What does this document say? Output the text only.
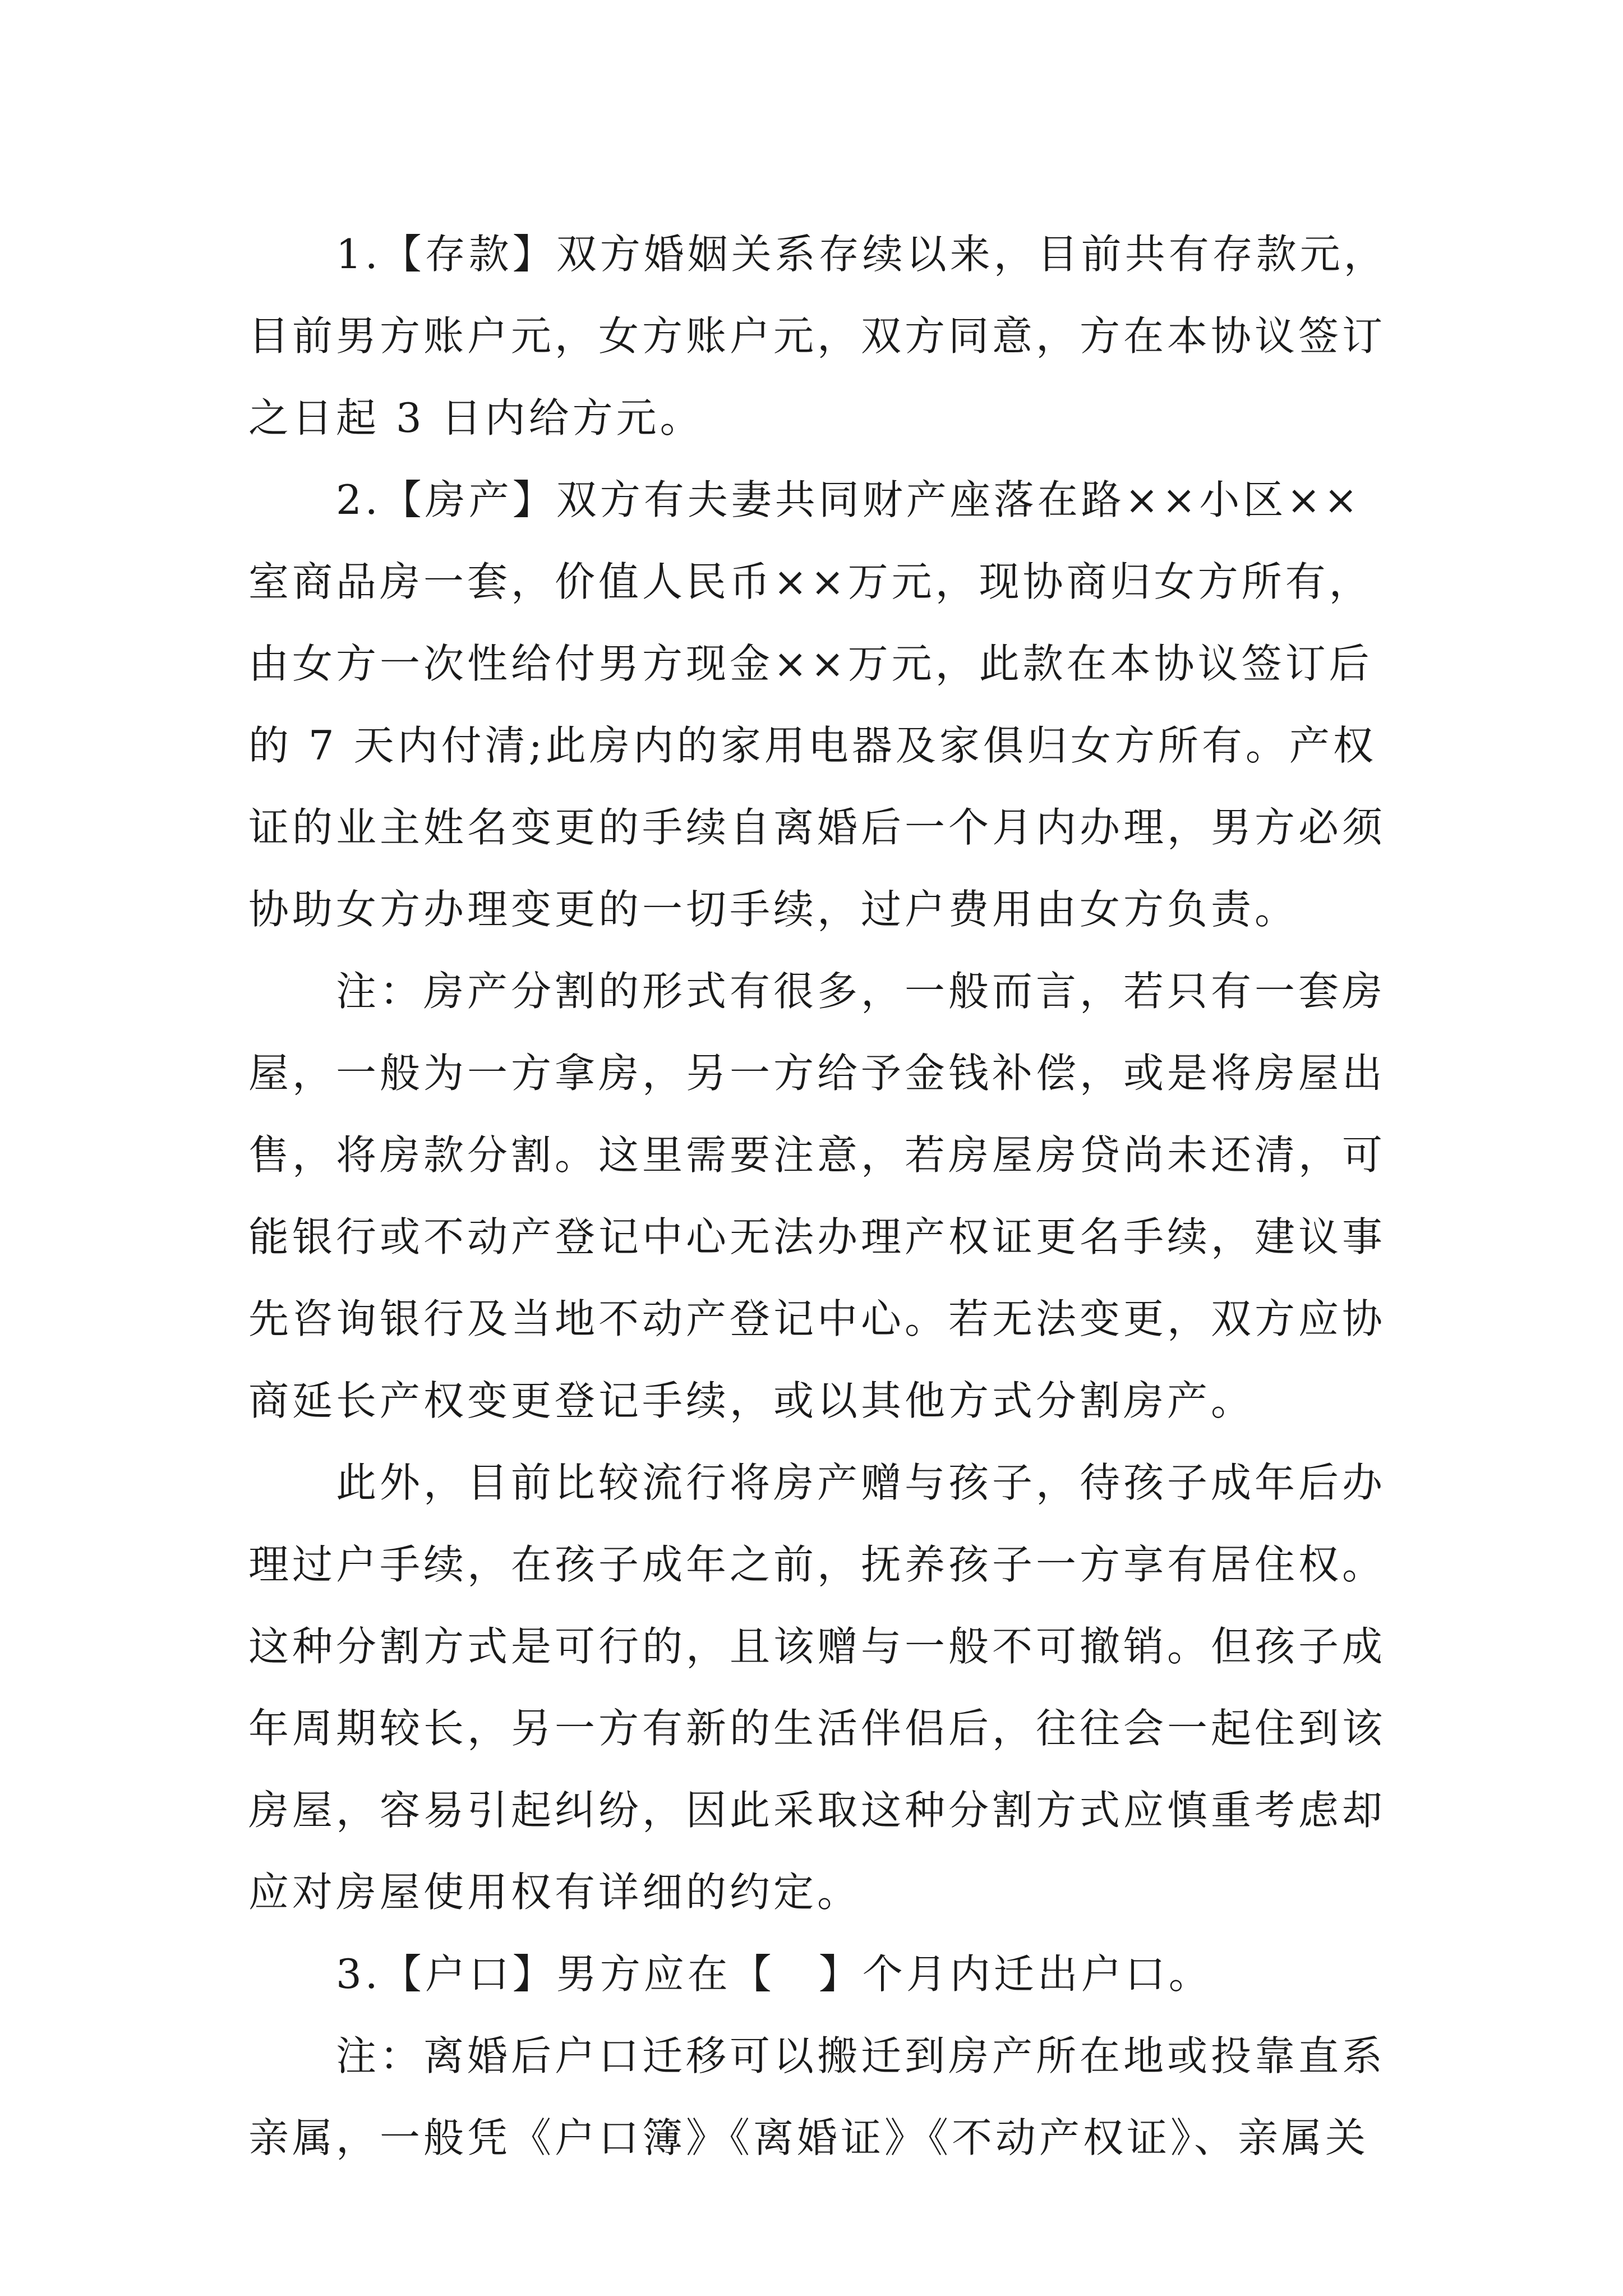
1.【存款】双方婚姻关系存续以来，目前共有存款元，
目前男方账户元，女方账户元，双方同意，方在本协议签订
之日起 3 日内给方元。
2.【房产】双方有夫妻共同财产座落在路××小区××
室商品房一套，价值人民币××万元，现协商归女方所有，
由女方一次性给付男方现金××万元，此款在本协议签订后
的 7 天内付清;此房内的家用电器及家俱归女方所有。产权
证的业主姓名变更的手续自离婚后一个月内办理，男方必须
协助女方办理变更的一切手续，过户费用由女方负责。
注：房产分割的形式有很多，一般而言，若只有一套房
屋，一般为一方拿房，另一方给予金钱补偿，或是将房屋出
售，将房款分割。这里需要注意，若房屋房贷尚未还清，可
能银行或不动产登记中心无法办理产权证更名手续，建议事
先咨询银行及当地不动产登记中心。若无法变更，双方应协
商延长产权变更登记手续，或以其他方式分割房产。
此外，目前比较流行将房产赠与孩子，待孩子成年后办
理过户手续，在孩子成年之前，抚养孩子一方享有居住权。
这种分割方式是可行的，且该赠与一般不可撤销。但孩子成
年周期较长，另一方有新的生活伴侣后，往往会一起住到该
房屋，容易引起纠纷，因此采取这种分割方式应慎重考虑却
应对房屋使用权有详细的约定。
3.【户口】男方应在【　】个月内迁出户口。
注：离婚后户口迁移可以搬迁到房产所在地或投靠直系
亲属，一般凭《户口簿》《离婚证》《不动产权证》、亲属关
